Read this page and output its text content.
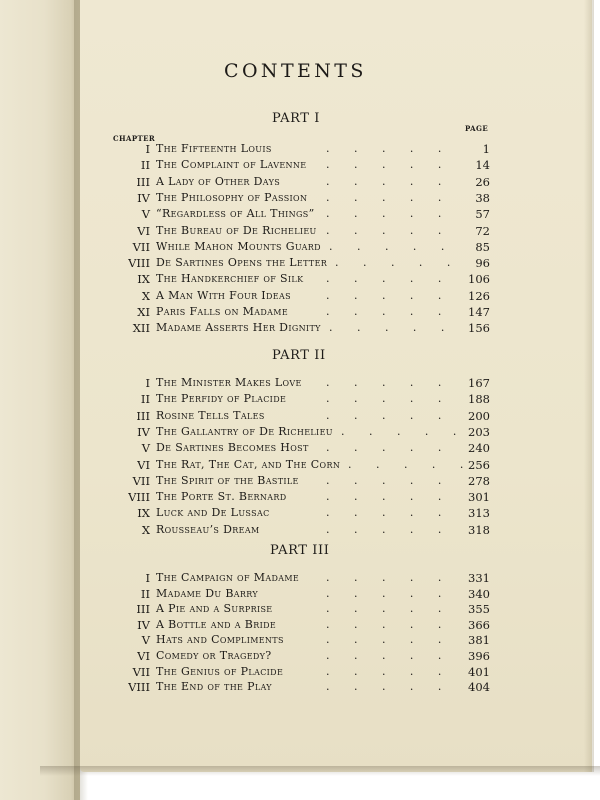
CONTENTS
PART I
CHAPTER
PAGE
I The Fifteenth Louis	.       .       .       .       .	1
II The Complaint of Lavenne .       .       .       .       .	14
III A Lady of Other Days	.       .       .       .       .	26
IV The Philosophy of Passion .       .       .       .       .	38
V “Regardless of All Things” .       .       .       .       .	57
VI The Bureau of De Richelieu .       .       .       .       .	72
VII While Mahon Mounts Guard .       .       .       .       .	85
VIII De Sartines Opens the Letter .       .       .       .       . 96
IX The Handkerchief of Silk .       .       .       .       .	106
X A Man With Four Ideas	.       .       .       .       .	126
XI Paris Falls on Madame	.       .       .       .       .	147
XII Madame Asserts Her Dignity .       .       .       .       .	156
PART II
I The Minister Makes Love .       .       .       .       .	167
II The Perfidy of Placide	.       .       .       .       .	188
III Rosine Tells Tales	.       .       .       .       .	200
IV The Gallantry of De Richelieu .       .       .       .       . 203
V De Sartines Becomes Host .       .       .       .       .	240
VI The Rat, The Cat, and The Corn .       .       .       .       . 256
VII The Spirit of the Bastile .       .       .       .       .	278
VIII The Porte St. Bernard	.       .       .       .       .	301
IX Luck and De Lussac	.       .       .       .       .	313
X Rousseau’s Dream	.       .       .       .       .	318
PART III
I The Campaign of Madame .       .       .       .       .	331
II Madame Du Barry	.       .       .       .       .	340
III A Pie and a Surprise	.       .       .       .       .	355
IV A Bottle and a Bride	.       .       .       .       .	366
V Hats and Compliments	.       .       .       .       .	381
VI Comedy or Tragedy?	.       .       .       .       .	396
VII The Genius of Placide	.       .       .       .       .	401
VIII The End of the Play	.       .       .       .       .	404
